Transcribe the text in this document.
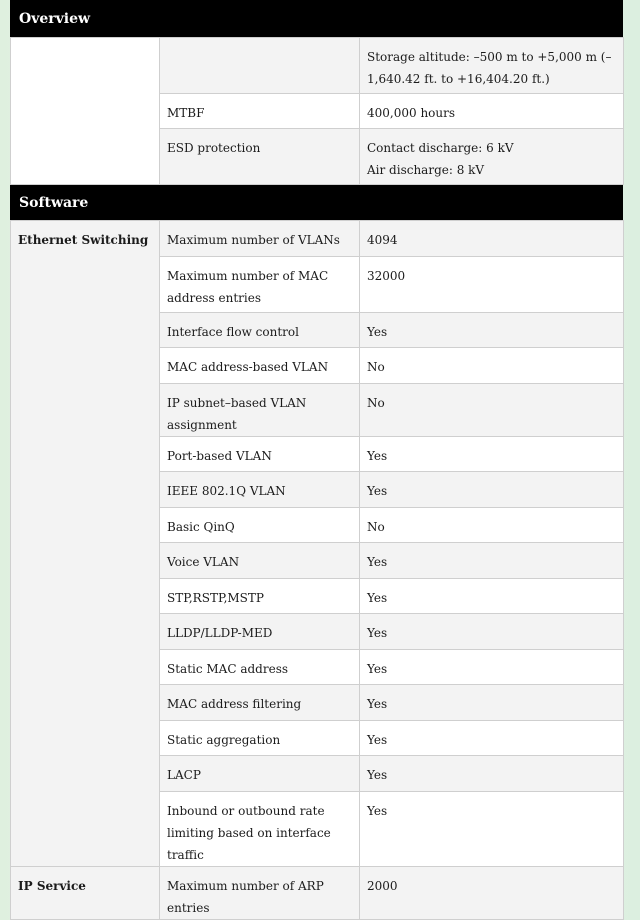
Overview
		Storage altitude: –500 m to +5,000 m (–1,640.42 ft. to +16,404.20 ft.)
	MTBF	400,000 hours
	ESD protection	Contact discharge: 6 kV
Air discharge: 8 kV
Software
Ethernet Switching	Maximum number of VLANs	4094
	Maximum number of MAC address entries	32000
	Interface flow control	Yes
	MAC address-based VLAN	No
	IP subnet–based VLAN assignment	No
	Port-based VLAN	Yes
	IEEE 802.1Q VLAN	Yes
	Basic QinQ	No
	Voice VLAN	Yes
	STP,RSTP,MSTP	Yes
	LLDP/LLDP-MED	Yes
	Static MAC address	Yes
	MAC address filtering	Yes
	Static aggregation	Yes
	LACP	Yes
	Inbound or outbound rate limiting based on interface traffic	Yes
IP Service	Maximum number of ARP entries	2000
